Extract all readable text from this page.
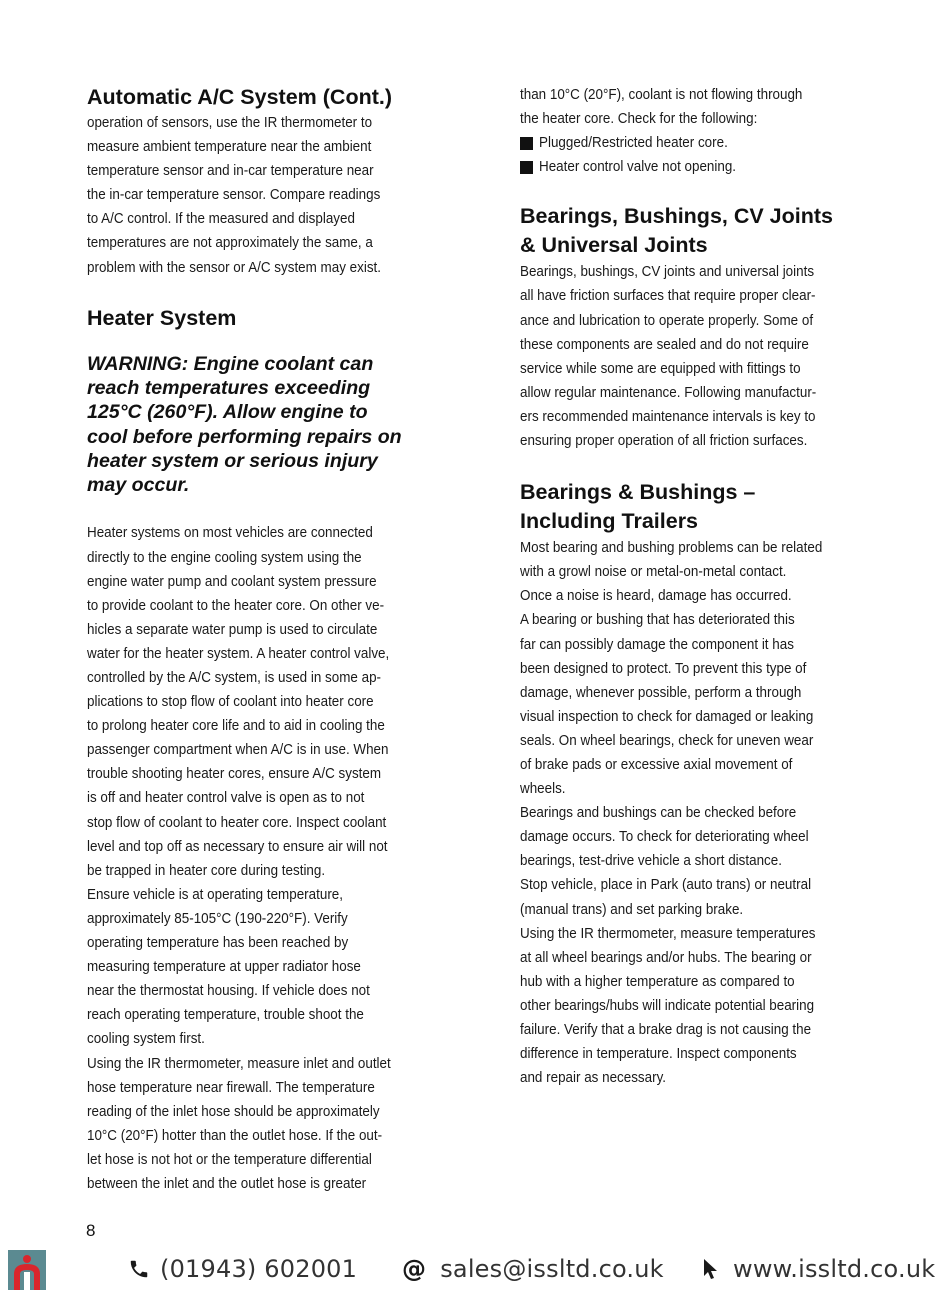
Automatic A/C System (Cont.)

operation of sensors, use the IR thermometer to
measure ambient temperature near the ambient
temperature sensor and in-car temperature near
the in-car temperature sensor. Compare readings
to A/C control. If the measured and displayed
temperatures are not approximately the same, a
problem with the sensor or A/C system may exist.

Heater System

WARNING: Engine coolant can
reach temperatures exceeding
125°C (260°F). Allow engine to
cool before performing repairs on
heater system or serious injury
may occur.

Heater systems on most vehicles are connected
directly to the engine cooling system using the
engine water pump and coolant system pressure
to provide coolant to the heater core. On other ve-
hicles a separate water pump is used to circulate
water for the heater system. A heater control valve,
controlled by the A/C system, is used in some ap-
plications to stop flow of coolant into heater core
to prolong heater core life and to aid in cooling the
passenger compartment when A/C is in use. When
trouble shooting heater cores, ensure A/C system
is off and heater control valve is open as to not
stop flow of coolant to heater core. Inspect coolant
level and top off as necessary to ensure air will not
be trapped in heater core during testing.
Ensure vehicle is at operating temperature,
approximately 85-105°C (190-220°F). Verify
operating temperature has been reached by
measuring temperature at upper radiator hose
near the thermostat housing. If vehicle does not
reach operating temperature, trouble shoot the
cooling system first.
Using the IR thermometer, measure inlet and outlet
hose temperature near firewall. The temperature
reading of the inlet hose should be approximately
10°C (20°F) hotter than the outlet hose. If the out-
let hose is not hot or the temperature differential
between the inlet and the outlet hose is greater

than 10°C (20°F), coolant is not flowing through
the heater core. Check for the following:

Plugged/Restricted heater core.
Heater control valve not opening.
Bearings, Bushings, CV Joints
& Universal Joints

Bearings, bushings, CV joints and universal joints
all have friction surfaces that require proper clear-
ance and lubrication to operate properly. Some of
these components are sealed and do not require
service while some are equipped with fittings to
allow regular maintenance. Following manufactur-
ers recommended maintenance intervals is key to
ensuring proper operation of all friction surfaces.

Bearings & Bushings –
Including Trailers

Most bearing and bushing problems can be related
with a growl noise or metal-on-metal contact.
Once a noise is heard, damage has occurred.
A bearing or bushing that has deteriorated this
far can possibly damage the component it has
been designed to protect. To prevent this type of
damage, whenever possible, perform a through
visual inspection to check for damaged or leaking
seals. On wheel bearings, check for uneven wear
of brake pads or excessive axial movement of
wheels.
Bearings and bushings can be checked before
damage occurs. To check for deteriorating wheel
bearings, test-drive vehicle a short distance.
Stop vehicle, place in Park (auto trans) or neutral
(manual trans) and set parking brake.
Using the IR thermometer, measure temperatures
at all wheel bearings and/or hubs. The bearing or
hub with a higher temperature as compared to
other bearings/hubs will indicate potential bearing
failure. Verify that a brake drag is not causing the
difference in temperature. Inspect components
and repair as necessary.

8
(01943) 602001 @ sales@issltd.co.uk	www.issltd.co.uk
